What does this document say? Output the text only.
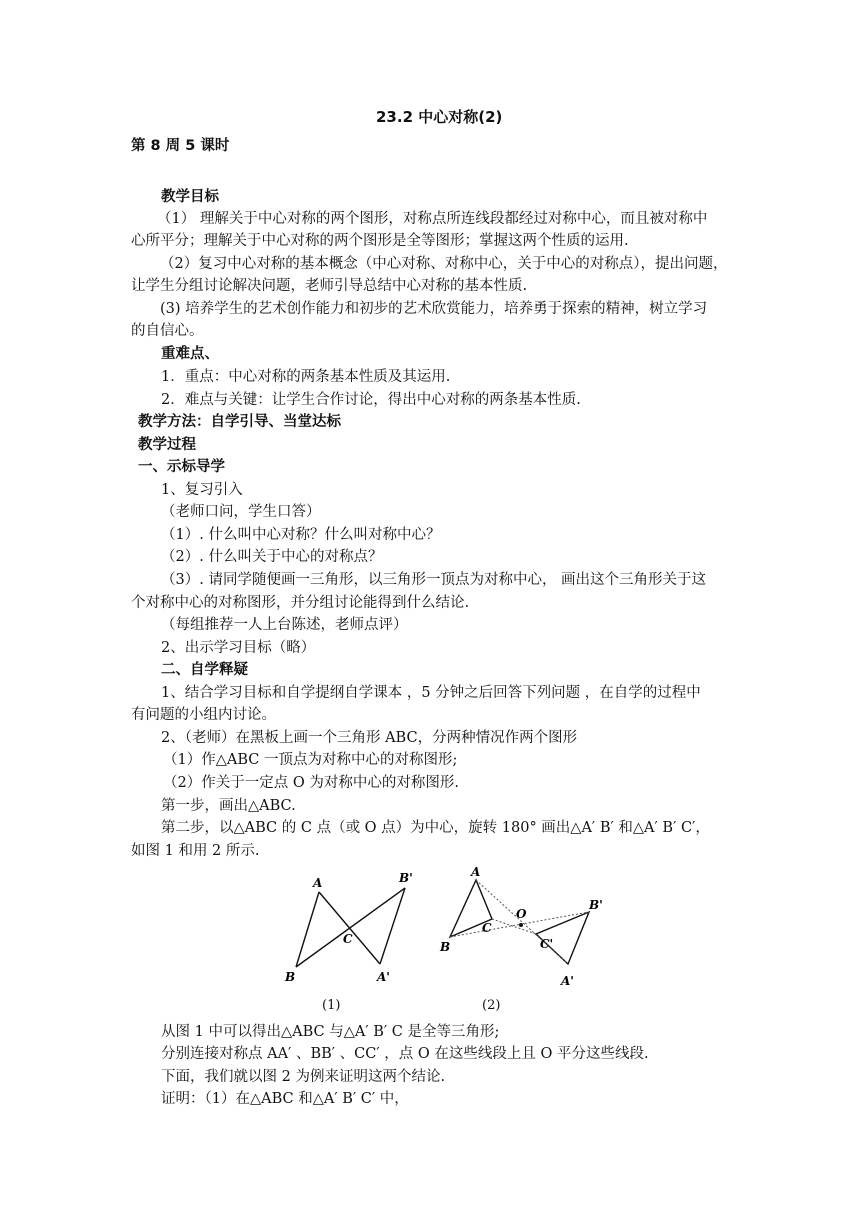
23.2 中心对称(2)
第 8 周 5 课时
教学目标
（1） 理解关于中心对称的两个图形，对称点所连线段都经过对称中心，而且被对称中
心所平分；理解关于中心对称的两个图形是全等图形；掌握这两个性质的运用.
（2）复习中心对称的基本概念（中心对称、对称中心，关于中心的对称点），提出问题，
让学生分组讨论解决问题，老师引导总结中心对称的基本性质.
(3) 培养学生的艺术创作能力和初步的艺术欣赏能力，培养勇于探索的精神，树立学习
的自信心。
重难点、
1．重点：中心对称的两条基本性质及其运用.
2．难点与关键：让学生合作讨论，得出中心对称的两条基本性质.
教学方法：自学引导、当堂达标
教学过程
一、示标导学
1、复习引入
（老师口问，学生口答）
（1）. 什么叫中心对称？什么叫对称中心？
（2）. 什么叫关于中心的对称点？
（3）. 请同学随便画一三角形，以三角形一顶点为对称中心， 画出这个三角形关于这
个对称中心的对称图形，并分组讨论能得到什么结论.
（每组推荐一人上台陈述，老师点评）
2、出示学习目标（略）
二、自学释疑
1、结合学习目标和自学提纲自学课本 ，5 分钟之后回答下列问题 ，在自学的过程中
有问题的小组内讨论。
2、（老师）在黑板上画一个三角形 ABC，分两种情况作两个图形
（1）作△ABC 一顶点为对称中心的对称图形;
（2）作关于一定点 O 为对称中心的对称图形.
第一步，画出△ABC.
第二步，以△ABC 的 C 点（或 O 点）为中心，旋转 180° 画出△A′ B′ 和△A′ B′ C′，
如图 1 和用 2 所示.
A
B
C
A'
B'
(1)
A
B
C
O
A'
B'
C'
(2)
从图 1 中可以得出△ABC 与△A′ B′ C 是全等三角形;
分别连接对称点 AA′ 、BB′ 、CC′ ，点 O 在这些线段上且 O 平分这些线段.
下面，我们就以图 2 为例来证明这两个结论.
证明：（1）在△ABC 和△A′ B′ C′ 中，
